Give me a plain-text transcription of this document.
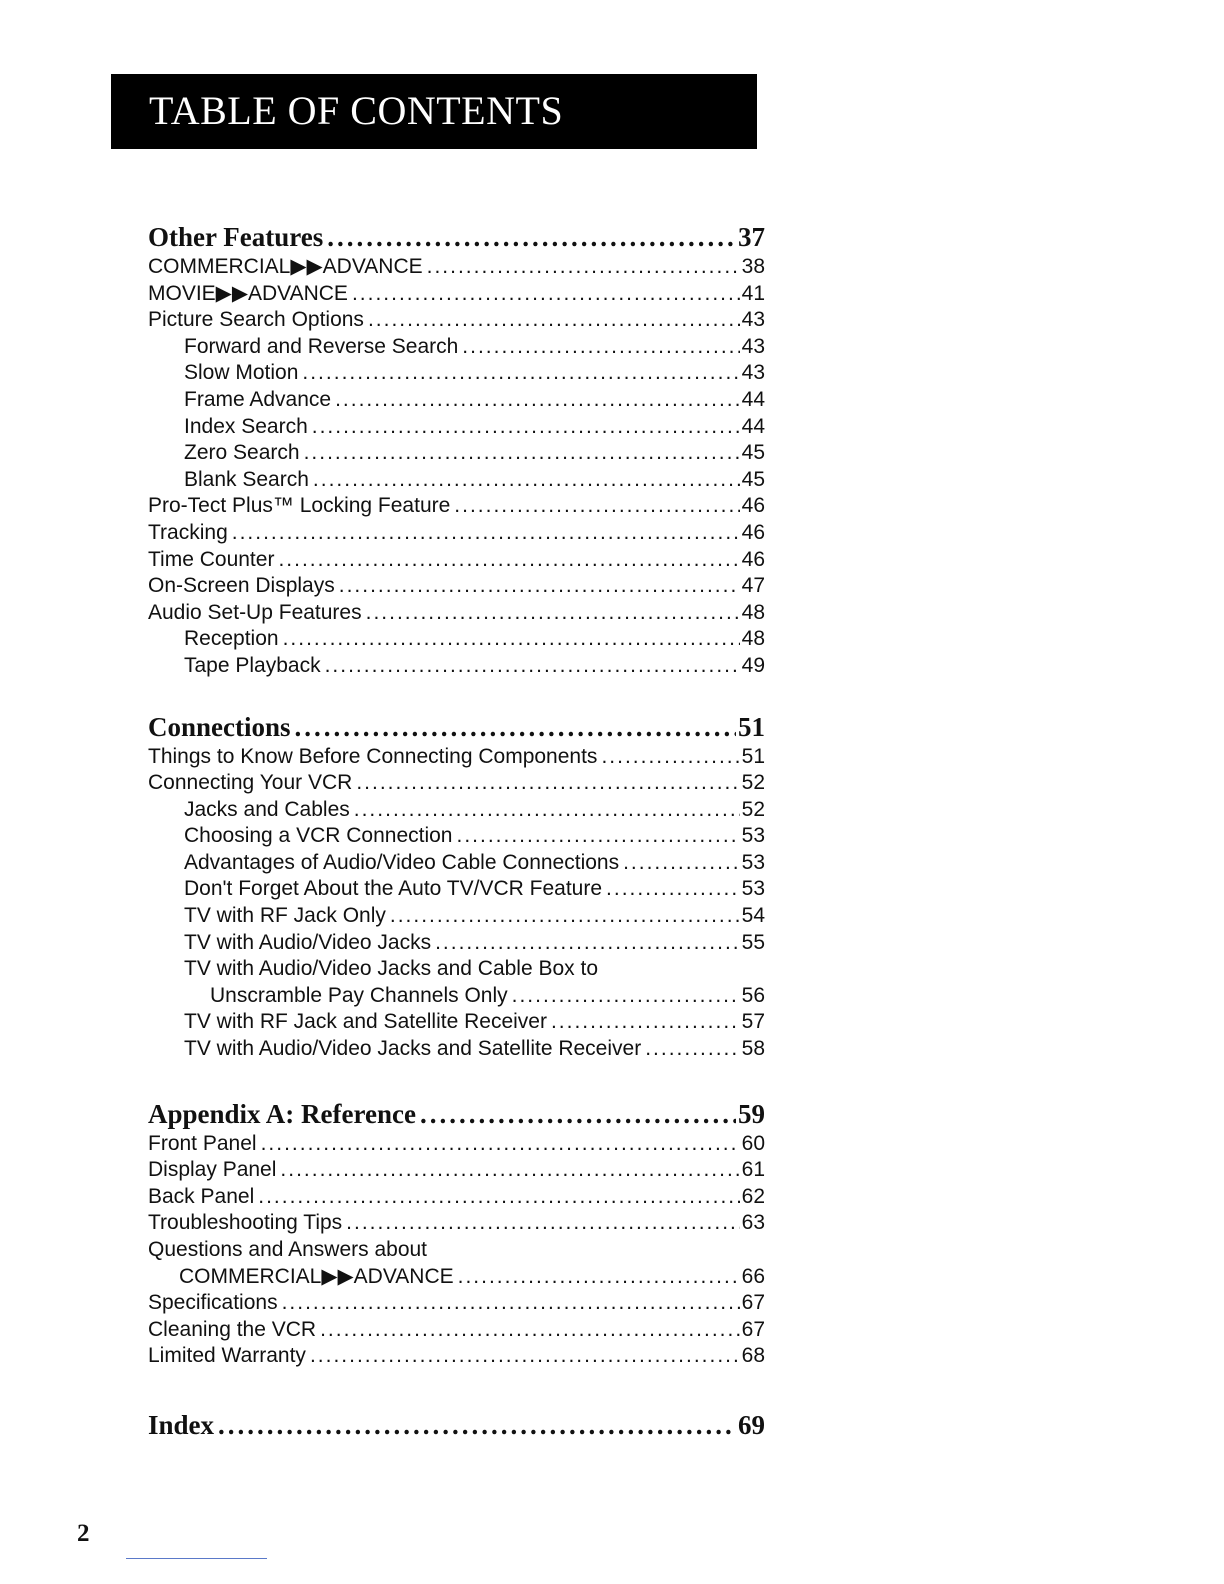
TABLE OF CONTENTS
Other Features .....	37
COMMERCIAL▶▶ADVANCE .....	38
MOVIE▶▶ADVANCE .....	41
Picture Search Options .....	43
Forward and Reverse Search .....	43
Slow Motion .....	43
Frame Advance .....	44
Index Search .....	44
Zero Search .....	45
Blank Search .....	45
Pro-Tect Plus™ Locking Feature .....	46
Tracking .....	46
Time Counter .....	46
On-Screen Displays .....	47
Audio Set-Up Features .....	48
Reception .....	48
Tape Playback .....	49
Connections .....	51
Things to Know Before Connecting Components .....	51
Connecting Your VCR .....	52
Jacks and Cables .....	52
Choosing a VCR Connection .....	53
Advantages of Audio/Video Cable Connections .....	53
Don't Forget About the Auto TV/VCR Feature .....	53
TV with RF Jack Only .....	54
TV with Audio/Video Jacks .....	55
TV with Audio/Video Jacks and Cable Box to
Unscramble Pay Channels Only .....	56
TV with RF Jack and Satellite Receiver .....	57
TV with Audio/Video Jacks and Satellite Receiver .....	58
Appendix A: Reference .....	59
Front Panel .....	60
Display Panel .....	61
Back Panel .....	62
Troubleshooting Tips .....	63
Questions and Answers about
COMMERCIAL▶▶ADVANCE .....	66
Specifications .....	67
Cleaning the VCR .....	67
Limited Warranty .....	68
Index .....	69
2
